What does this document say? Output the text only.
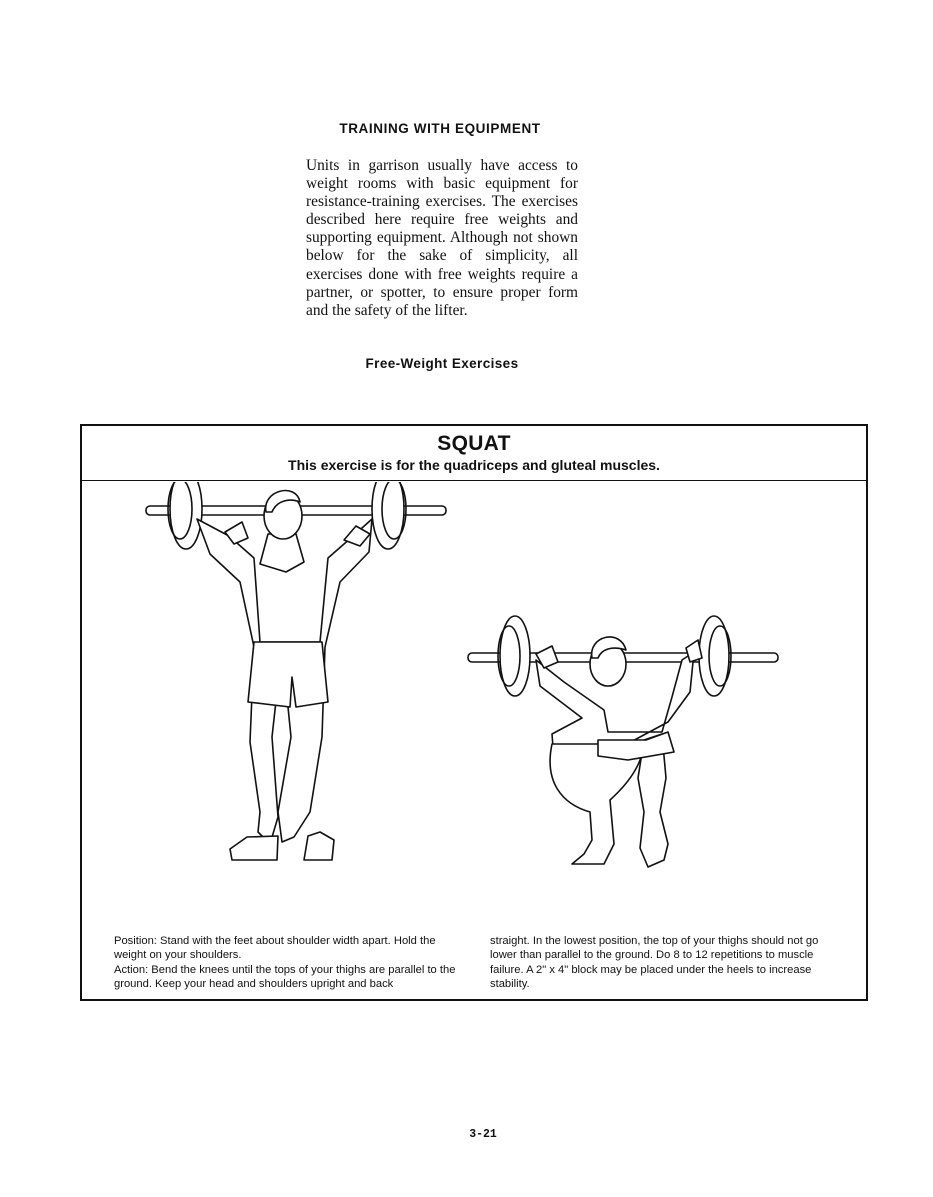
TRAINING WITH EQUIPMENT

Units in garrison usually have access to weight rooms with basic equipment for resistance-training exercises. The exercises described here require free weights and supporting equipment. Although not shown below for the sake of simplicity, all exercises done with free weights require a partner, or spotter, to ensure proper form and the safety of the lifter.

Free-Weight Exercises
SQUAT
This exercise is for the quadriceps and gluteal muscles.

Position: Stand with the feet about shoulder width apart. Hold the weight on your shoulders.
Action: Bend the knees until the tops of your thighs are parallel to the ground. Keep your head and shoulders upright and back

straight. In the lowest position, the top of your thighs should not go lower than parallel to the ground. Do 8 to 12 repetitions to muscle failure. A 2" x 4" block may be placed under the heels to increase stability.

3-21
